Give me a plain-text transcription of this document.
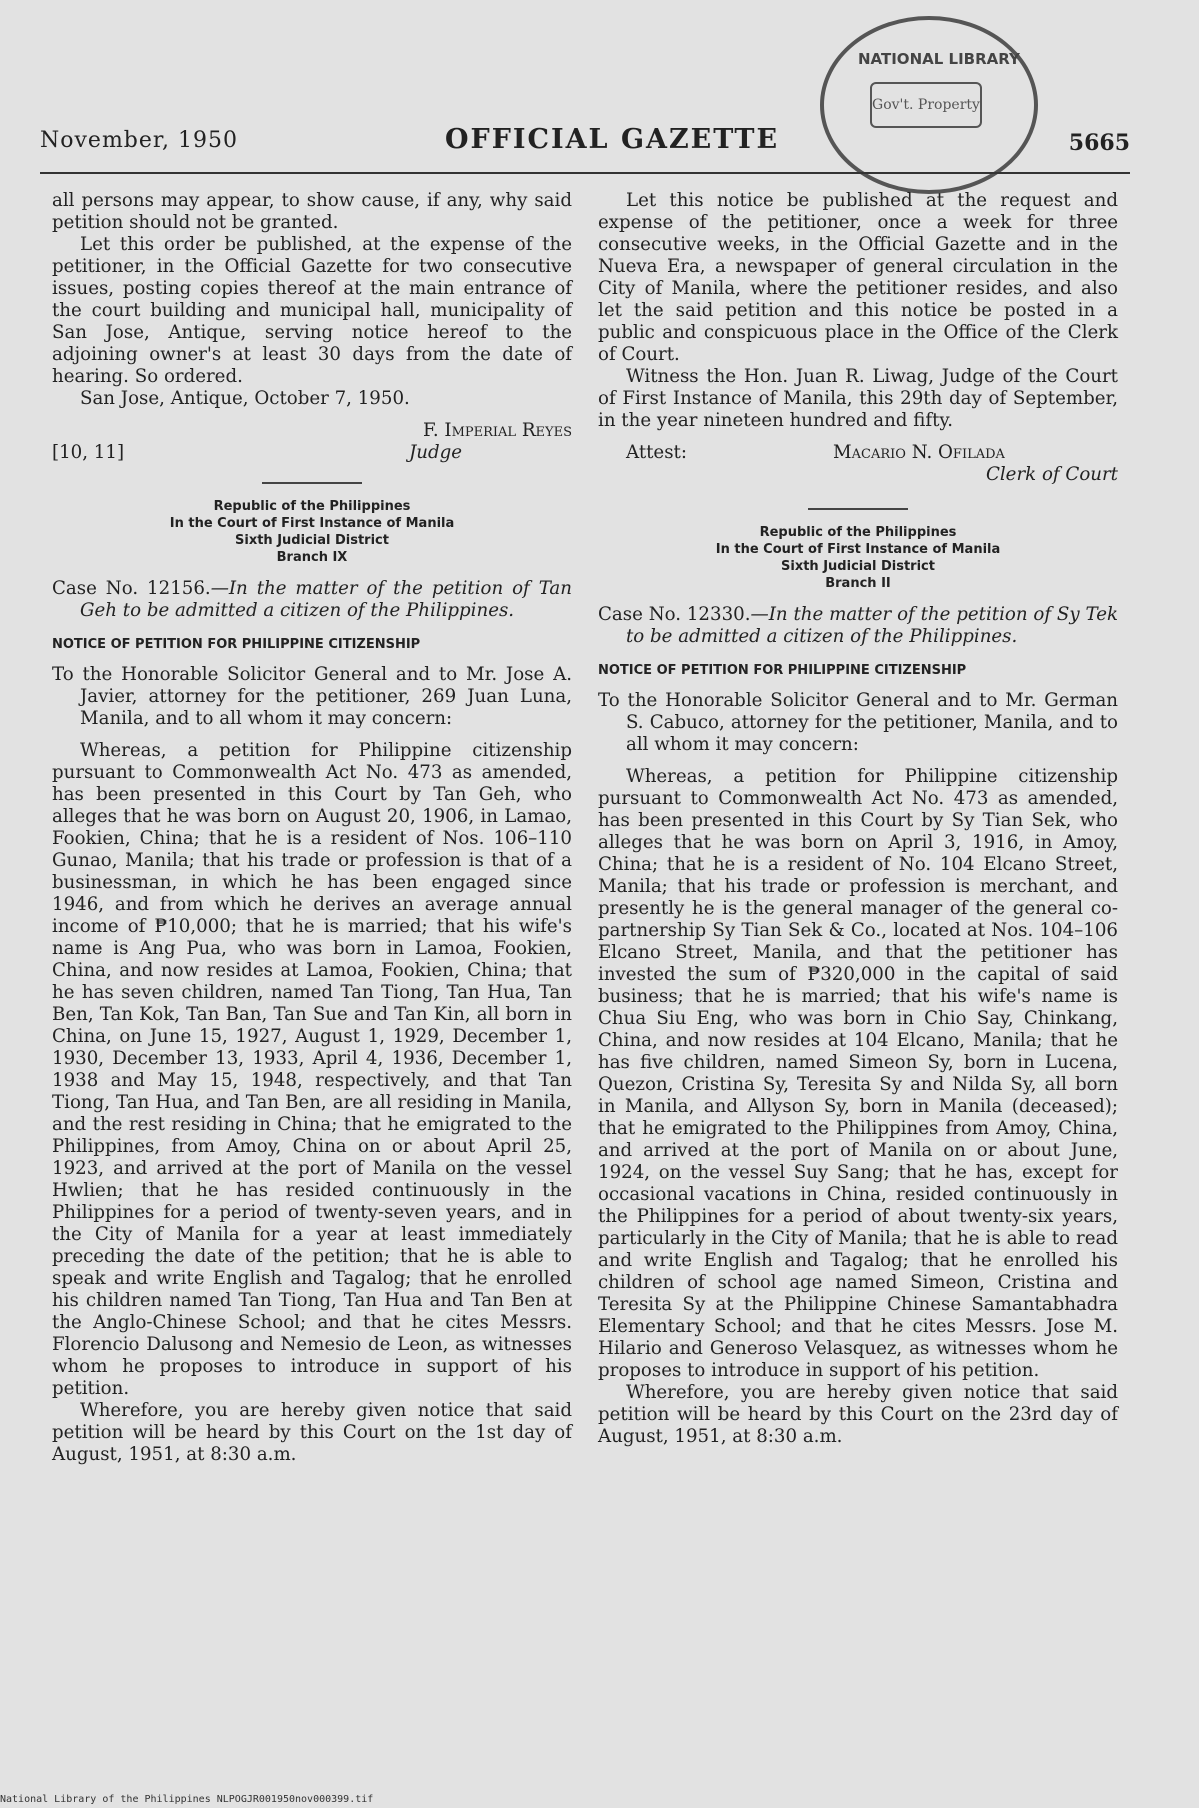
NATIONAL LIBRARY
Gov't. Property
November, 1950	OFFICIAL GAZETTE	5665

all persons may appear, to show cause, if any, why said petition should not be granted.

Let this order be published, at the expense of the petitioner, in the Official Gazette for two consecutive issues, posting copies thereof at the main entrance of the court building and municipal hall, municipality of San Jose, Antique, serving notice hereof to the adjoining owner's at least 30 days from the date of hearing. So ordered.

San Jose, Antique, October 7, 1950.

F. Imperial Reyes
[10, 11]	Judge
Republic of the Philippines
In the Court of First Instance of Manila
Sixth Judicial District
Branch IX

Case No. 12156.—In the matter of the petition of Tan Geh to be admitted a citizen of the Philippines.

NOTICE OF PETITION FOR PHILIPPINE CITIZENSHIP

To the Honorable Solicitor General and to Mr. Jose A. Javier, attorney for the petitioner, 269 Juan Luna, Manila, and to all whom it may concern:

Whereas, a petition for Philippine citizenship pursuant to Commonwealth Act No. 473 as amended, has been presented in this Court by Tan Geh, who alleges that he was born on August 20, 1906, in Lamao, Fookien, China; that he is a resident of Nos. 106–110 Gunao, Manila; that his trade or profession is that of a businessman, in which he has been engaged since 1946, and from which he derives an average annual income of ₱10,000; that he is married; that his wife's name is Ang Pua, who was born in Lamoa, Fookien, China, and now resides at Lamoa, Fookien, China; that he has seven children, named Tan Tiong, Tan Hua, Tan Ben, Tan Kok, Tan Ban, Tan Sue and Tan Kin, all born in China, on June 15, 1927, August 1, 1929, December 1, 1930, December 13, 1933, April 4, 1936, December 1, 1938 and May 15, 1948, respectively, and that Tan Tiong, Tan Hua, and Tan Ben, are all residing in Manila, and the rest residing in China; that he emigrated to the Philippines, from Amoy, China on or about April 25, 1923, and arrived at the port of Manila on the vessel Hwlien; that he has resided continuously in the Philippines for a period of twenty-seven years, and in the City of Manila for a year at least immediately preceding the date of the petition; that he is able to speak and write English and Tagalog; that he enrolled his children named Tan Tiong, Tan Hua and Tan Ben at the Anglo-Chinese School; and that he cites Messrs. Florencio Dalusong and Nemesio de Leon, as witnesses whom he proposes to introduce in support of his petition.

Wherefore, you are hereby given notice that said petition will be heard by this Court on the 1st day of August, 1951, at 8:30 a.m.

Let this notice be published at the request and expense of the petitioner, once a week for three consecutive weeks, in the Official Gazette and in the Nueva Era, a newspaper of general circulation in the City of Manila, where the petitioner resides, and also let the said petition and this notice be posted in a public and conspicuous place in the Office of the Clerk of Court.

Witness the Hon. Juan R. Liwag, Judge of the Court of First Instance of Manila, this 29th day of September, in the year nineteen hundred and fifty.

Attest:	Macario N. Ofilada
Clerk of Court
Republic of the Philippines
In the Court of First Instance of Manila
Sixth Judicial District
Branch II

Case No. 12330.—In the matter of the petition of Sy Tek to be admitted a citizen of the Philippines.

NOTICE OF PETITION FOR PHILIPPINE CITIZENSHIP

To the Honorable Solicitor General and to Mr. German S. Cabuco, attorney for the petitioner, Manila, and to all whom it may concern:

Whereas, a petition for Philippine citizenship pursuant to Commonwealth Act No. 473 as amended, has been presented in this Court by Sy Tian Sek, who alleges that he was born on April 3, 1916, in Amoy, China; that he is a resident of No. 104 Elcano Street, Manila; that his trade or profession is merchant, and presently he is the general manager of the general co-partnership Sy Tian Sek & Co., located at Nos. 104–106 Elcano Street, Manila, and that the petitioner has invested the sum of ₱320,000 in the capital of said business; that he is married; that his wife's name is Chua Siu Eng, who was born in Chio Say, Chinkang, China, and now resides at 104 Elcano, Manila; that he has five children, named Simeon Sy, born in Lucena, Quezon, Cristina Sy, Teresita Sy and Nilda Sy, all born in Manila, and Allyson Sy, born in Manila (deceased); that he emigrated to the Philippines from Amoy, China, and arrived at the port of Manila on or about June, 1924, on the vessel Suy Sang; that he has, except for occasional vacations in China, resided continuously in the Philippines for a period of about twenty-six years, particularly in the City of Manila; that he is able to read and write English and Tagalog; that he enrolled his children of school age named Simeon, Cristina and Teresita Sy at the Philippine Chinese Samantabhadra Elementary School; and that he cites Messrs. Jose M. Hilario and Generoso Velasquez, as witnesses whom he proposes to introduce in support of his petition.

Wherefore, you are hereby given notice that said petition will be heard by this Court on the 23rd day of August, 1951, at 8:30 a.m.

National Library of the Philippines NLPOGJR001950nov000399.tif
